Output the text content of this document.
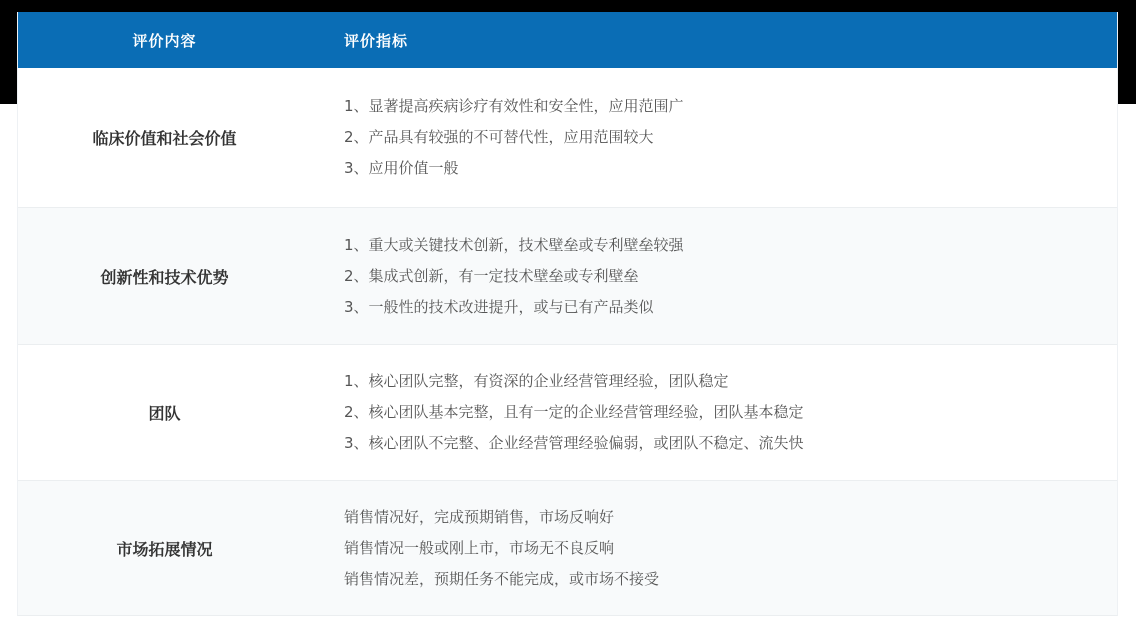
评价内容	评价指标
临床价值和社会价值
1、显著提高疾病诊疗有效性和安全性，应用范围广
2、产品具有较强的不可替代性，应用范围较大
3、应用价值一般
创新性和技术优势
1、重大或关键技术创新，技术壁垒或专利壁垒较强
2、集成式创新，有一定技术壁垒或专利壁垒
3、一般性的技术改进提升，或与已有产品类似
团队
1、核心团队完整，有资深的企业经营管理经验，团队稳定
2、核心团队基本完整，且有一定的企业经营管理经验，团队基本稳定
3、核心团队不完整、企业经营管理经验偏弱，或团队不稳定、流失快
市场拓展情况
销售情况好，完成预期销售，市场反响好
销售情况一般或刚上市，市场无不良反响
销售情况差，预期任务不能完成，或市场不接受
